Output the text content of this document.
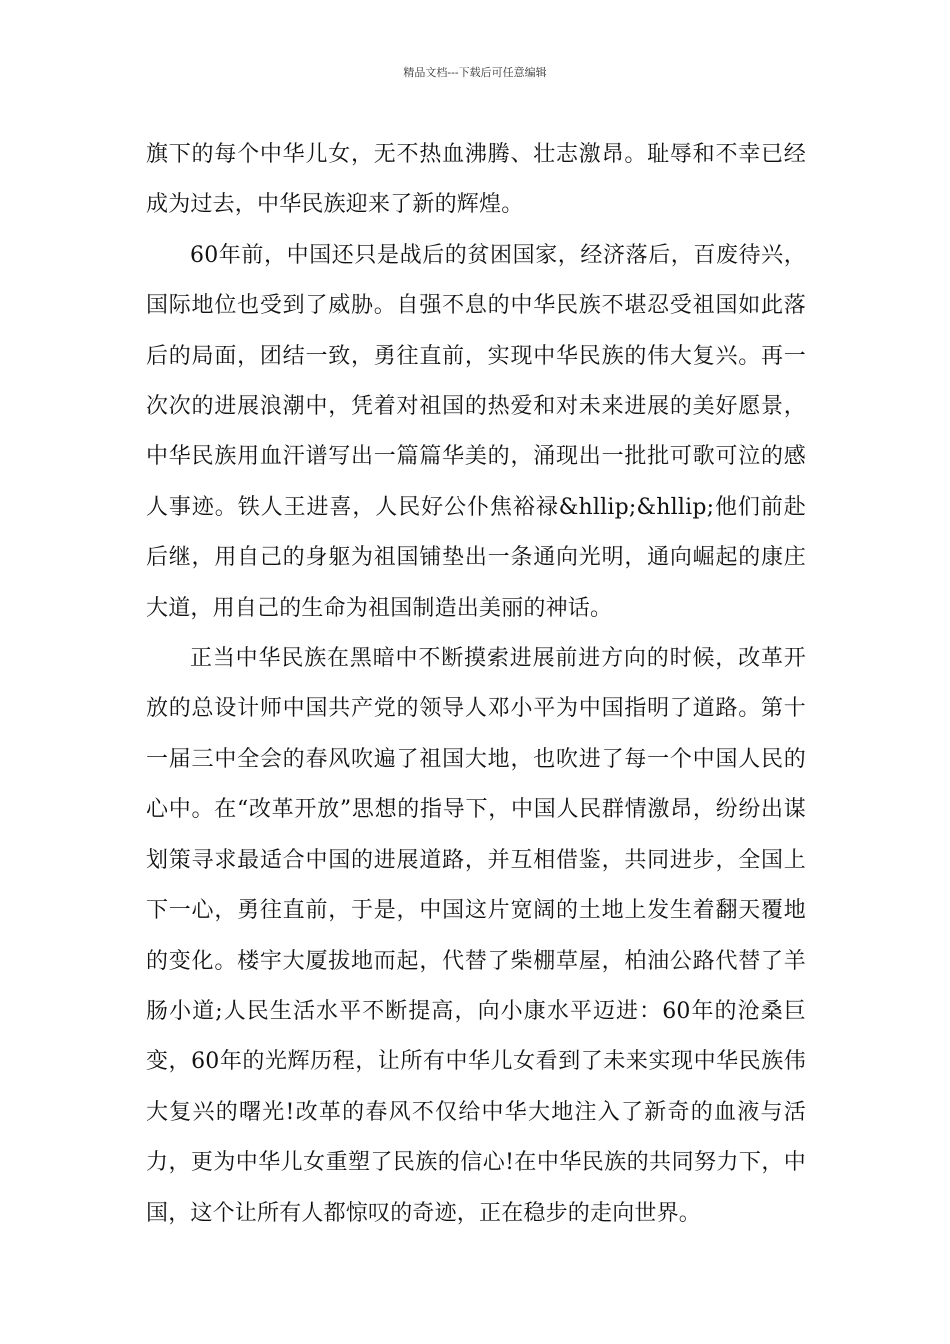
精品文档---下载后可任意编辑

旗下的每个中华儿女，无不热血沸腾、壮志激昂。耻辱和不幸已经成为过去，中华民族迎来了新的辉煌。

60年前，中国还只是战后的贫困国家，经济落后，百废待兴，国际地位也受到了威胁。自强不息的中华民族不堪忍受祖国如此落后的局面，团结一致，勇往直前，实现中华民族的伟大复兴。再一次次的进展浪潮中，凭着对祖国的热爱和对未来进展的美好愿景，中华民族用血汗谱写出一篇篇华美的，涌现出一批批可歌可泣的感人事迹。铁人王进喜，人民好公仆焦裕禄&hllip;&hllip;他们前赴后继，用自己的身躯为祖国铺垫出一条通向光明，通向崛起的康庄大道，用自己的生命为祖国制造出美丽的神话。

正当中华民族在黑暗中不断摸索进展前进方向的时候，改革开放的总设计师中国共产党的领导人邓小平为中国指明了道路。第十一届三中全会的春风吹遍了祖国大地，也吹进了每一个中国人民的心中。在“改革开放”思想的指导下，中国人民群情激昂，纷纷出谋划策寻求最适合中国的进展道路，并互相借鉴，共同进步，全国上下一心，勇往直前，于是，中国这片宽阔的土地上发生着翻天覆地的变化。楼宇大厦拔地而起，代替了柴棚草屋，柏油公路代替了羊肠小道;人民生活水平不断提高，向小康水平迈进：60年的沧桑巨变，60年的光辉历程，让所有中华儿女看到了未来实现中华民族伟大复兴的曙光!改革的春风不仅给中华大地注入了新奇的血液与活力，更为中华儿女重塑了民族的信心!在中华民族的共同努力下，中国，这个让所有人都惊叹的奇迹，正在稳步的走向世界。
